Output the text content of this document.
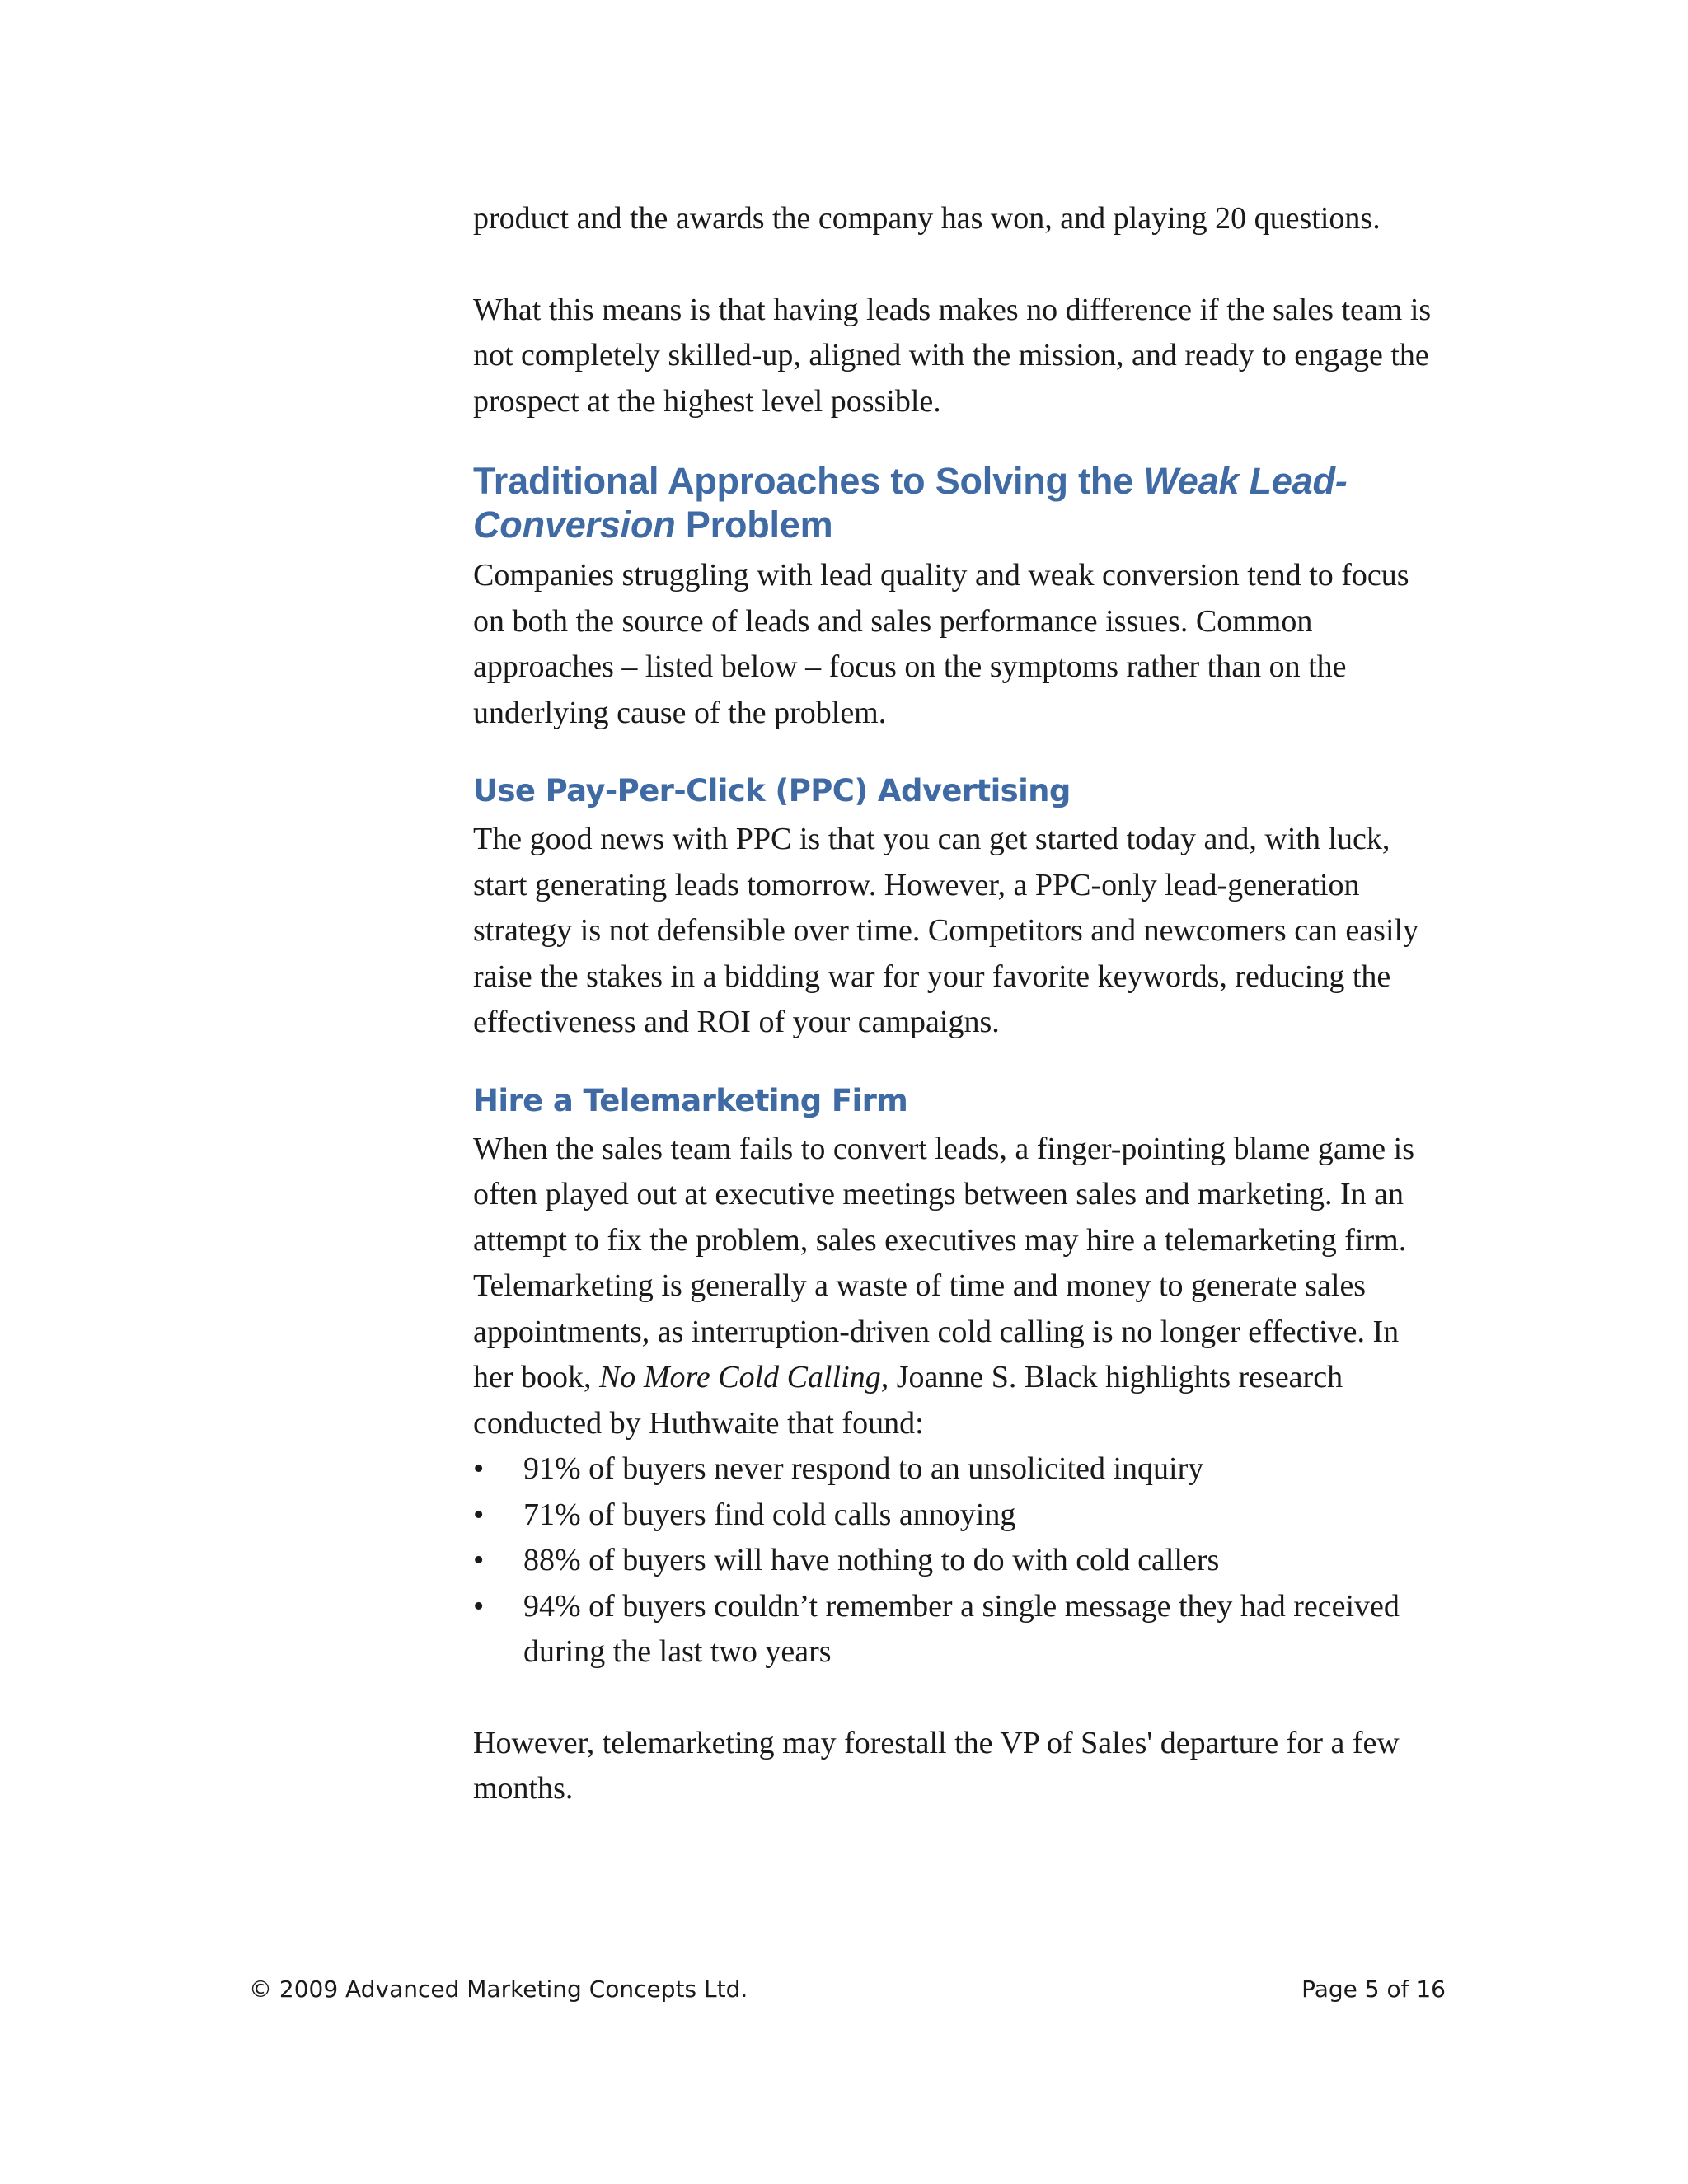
product and the awards the company has won, and playing 20 questions.

What this means is that having leads makes no difference if the sales team is not completely skilled-up, aligned with the mission, and ready to engage the prospect at the highest level possible.

Traditional Approaches to Solving the Weak Lead-Conversion Problem

Companies struggling with lead quality and weak conversion tend to focus on both the source of leads and sales performance issues. Common approaches – listed below – focus on the symptoms rather than on the underlying cause of the problem.

Use Pay-Per-Click (PPC) Advertising

The good news with PPC is that you can get started today and, with luck, start generating leads tomorrow. However, a PPC-only lead-generation strategy is not defensible over time. Competitors and newcomers can easily raise the stakes in a bidding war for your favorite keywords, reducing the effectiveness and ROI of your campaigns.

Hire a Telemarketing Firm

When the sales team fails to convert leads, a finger-pointing blame game is often played out at executive meetings between sales and marketing. In an attempt to fix the problem, sales executives may hire a telemarketing firm. Telemarketing is generally a waste of time and money to generate sales appointments, as interruption-driven cold calling is no longer effective. In her book, No More Cold Calling, Joanne S. Black highlights research conducted by Huthwaite that found:

• 91% of buyers never respond to an unsolicited inquiry
• 71% of buyers find cold calls annoying
• 88% of buyers will have nothing to do with cold callers
• 94% of buyers couldn’t remember a single message they had received during the last two years

However, telemarketing may forestall the VP of Sales' departure for a few months.

© 2009 Advanced Marketing Concepts Ltd.	Page 5 of 16
